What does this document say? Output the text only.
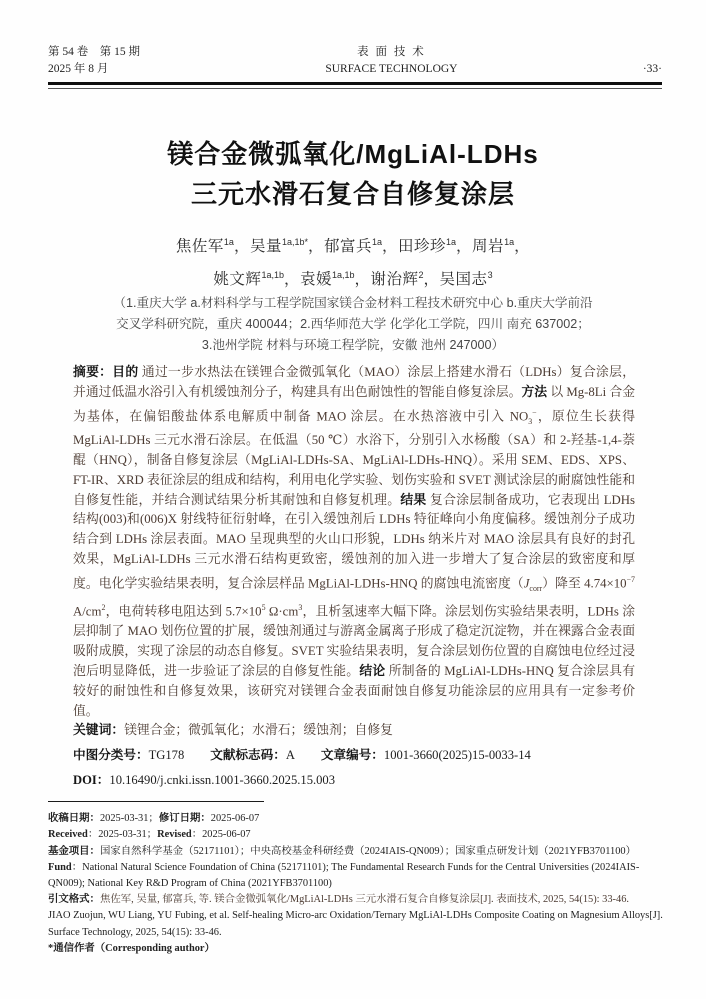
第 54 卷　第 15 期
2025 年 8 月
表 面 技 术
SURFACE TECHNOLOGY	·33·
镁合金微弧氧化/MgLiAl-LDHs
三元水滑石复合自修复涂层
焦佐军$^{1a}$，吴量$^{1a,1b*}$，郁富兵$^{1a}$，田珍珍$^{1a}$，周岩$^{1a}$，
姚文辉$^{1a,1b}$，袁媛$^{1a,1b}$，谢治辉$^2$，吴国志$^3$
（1.重庆大学 a.材料科学与工程学院国家镁合金材料工程技术研究中心 b.重庆大学前沿
交叉学科研究院，重庆 400044；2.西华师范大学 化学化工学院，四川 南充 637002；
3.池州学院 材料与环境工程学院，安徽 池州 247000）

摘要：目的 通过一步水热法在镁锂合金微弧氧化（MAO）涂层上搭建水滑石（LDHs）复合涂层，并通过低温水浴引入有机缓蚀剂分子，构建具有出色耐蚀性的智能自修复涂层。方法 以 Mg-8Li 合金为基体，在偏铝酸盐体系电解质中制备 MAO 涂层。在水热溶液中引入 $NO_3^-$，原位生长获得 MgLiAl-LDHs 三元水滑石涂层。在低温（50 ℃）水浴下，分别引入水杨酸（SA）和 2-羟基-1,4-萘醌（HNQ），制备自修复涂层（MgLiAl-LDHs-SA、MgLiAl-LDHs-HNQ）。采用 SEM、EDS、XPS、FT-IR、XRD 表征涂层的组成和结构，利用电化学实验、划伤实验和 SVET 测试涂层的耐腐蚀性能和自修复性能，并结合测试结果分析其耐蚀和自修复机理。结果 复合涂层制备成功，它表现出 LDHs 结构(003)和(006)X 射线特征衍射峰，在引入缓蚀剂后 LDHs 特征峰向小角度偏移。缓蚀剂分子成功结合到 LDHs 涂层表面。MAO 呈现典型的火山口形貌，LDHs 纳米片对 MAO 涂层具有良好的封孔效果，MgLiAl-LDHs 三元水滑石结构更致密，缓蚀剂的加入进一步增大了复合涂层的致密度和厚度。电化学实验结果表明，复合涂层样品 MgLiAl-LDHs-HNQ 的腐蚀电流密度$(J_{corr})$降至 $4.74\times 10^{-7}$ $A/cm^2$，电荷转移电阻达到 $5.7\times 10^5$ $\Omega\cdot cm^3$，且析氢速率大幅下降。涂层划伤实验结果表明，LDHs 涂层抑制了 MAO 划伤位置的扩展，缓蚀剂通过与游离金属离子形成了稳定沉淀物，并在裸露合金表面吸附成膜，实现了涂层的动态自修复。SVET 实验结果表明，复合涂层划伤位置的自腐蚀电位经过浸泡后明显降低，进一步验证了涂层的自修复性能。结论 所制备的 MgLiAl-LDHs-HNQ 复合涂层具有较好的耐蚀性和自修复效果，该研究对镁锂合金表面耐蚀自修复功能涂层的应用具有一定参考价值。

关键词：镁锂合金；微弧氧化；水滑石；缓蚀剂；自修复

中图分类号：TG178 文献标志码：A 文章编号：1001-3660(2025)15-0033-14
DOI：10.16490/j.cnki.issn.1001-3660.2025.15.003

收稿日期：2025-03-31；修订日期：2025-06-07

Received：2025-03-31；Revised：2025-06-07

基金项目：国家自然科学基金（52171101）；中央高校基金科研经费（2024IAIS-QN009）；国家重点研发计划（2021YFB3701100）

Fund：National Natural Science Foundation of China (52171101); The Fundamental Research Funds for the Central Universities (2024IAIS-QN009); National Key R&D Program of China (2021YFB3701100)

引文格式：焦佐军, 吴量, 郁富兵, 等. 镁合金微弧氧化/MgLiAl-LDHs 三元水滑石复合自修复涂层[J]. 表面技术, 2025, 54(15): 33-46.

JIAO Zuojun, WU Liang, YU Fubing, et al. Self-healing Micro-arc Oxidation/Ternary MgLiAl-LDHs Composite Coating on Magnesium Alloys[J]. Surface Technology, 2025, 54(15): 33-46.

*通信作者（Corresponding author）
